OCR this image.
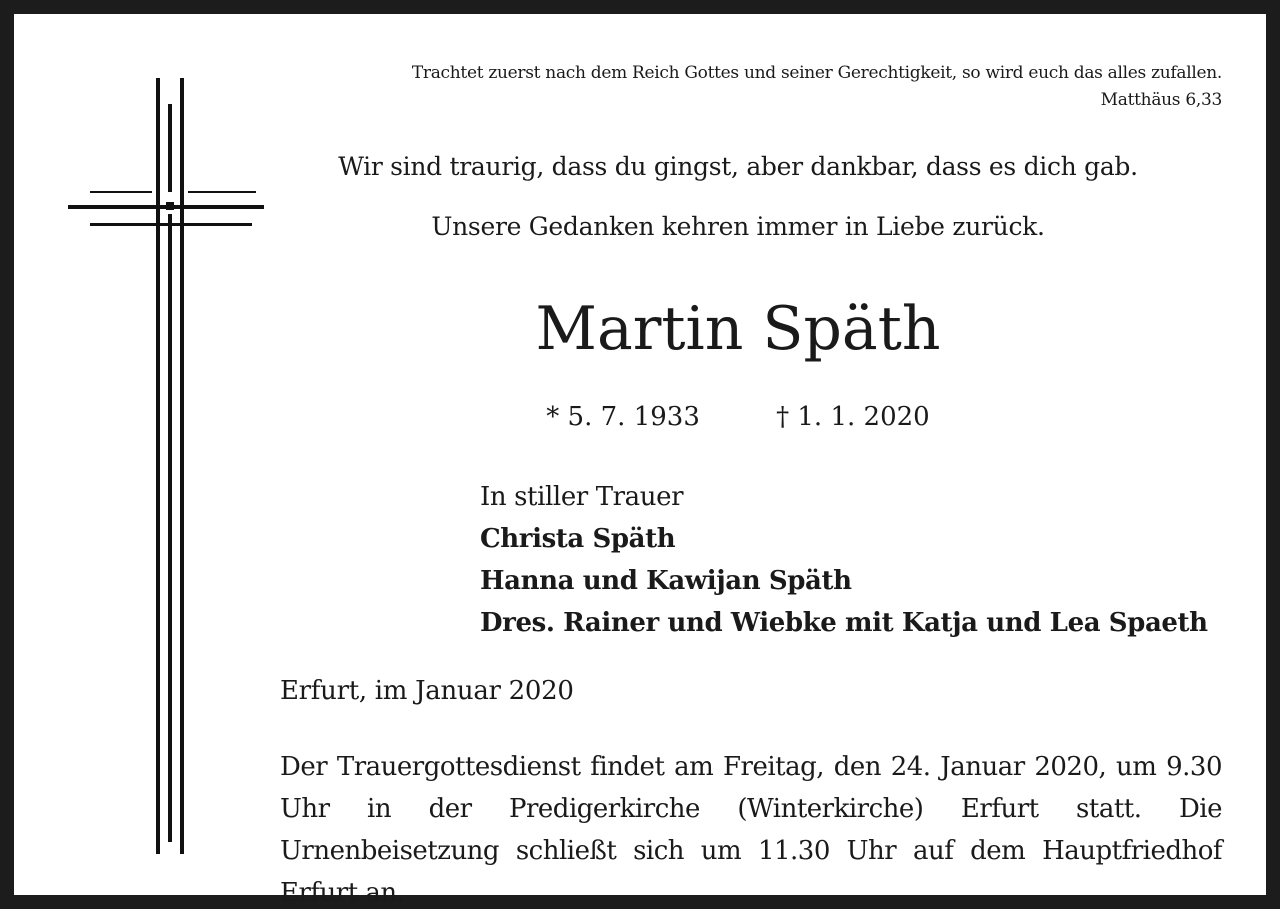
Trachtet zuerst nach dem Reich Gottes und seiner Gerechtigkeit, so wird euch das alles zufallen.
Matthäus 6,33
Wir sind traurig, dass du gingst, aber dankbar, dass es dich gab.
Unsere Gedanken kehren immer in Liebe zurück.
Martin Späth
* 5. 7. 1933	† 1. 1. 2020
In stiller Trauer
Christa Späth
Hanna und Kawijan Späth
Dres. Rainer und Wiebke mit Katja und Lea Spaeth
Erfurt, im Januar 2020
Der Trauergottesdienst findet am Freitag, den 24. Januar 2020, um 9.30 Uhr in der Predigerkirche (Winterkirche) Erfurt statt. Die Urnenbeisetzung schließt sich um 11.30 Uhr auf dem Hauptfriedhof Erfurt an.
